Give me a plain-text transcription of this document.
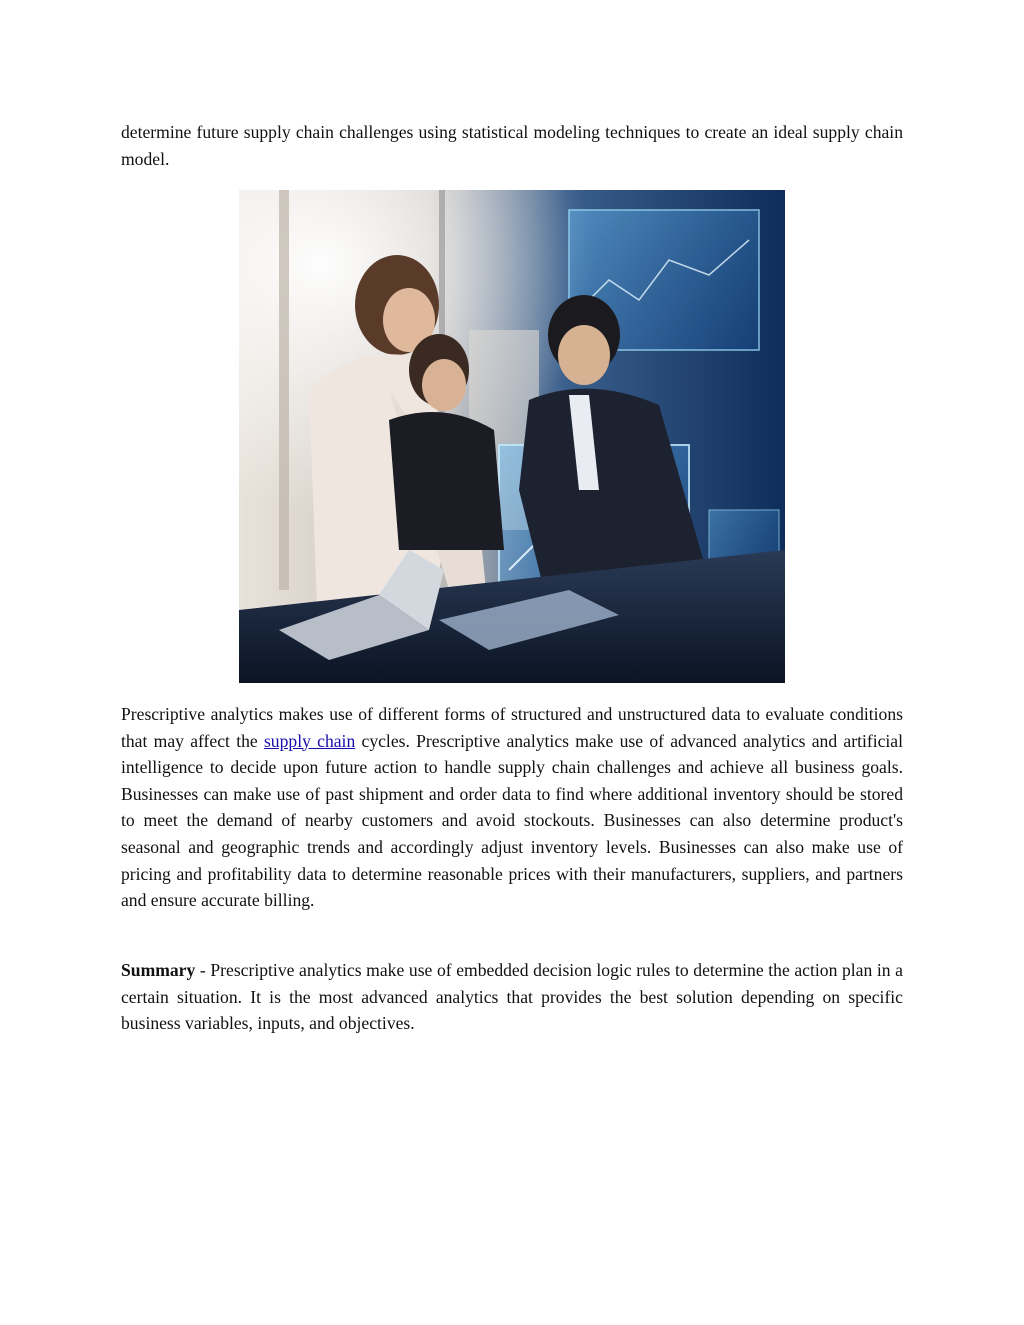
determine future supply chain challenges using statistical modeling techniques to create an ideal supply chain model.

Prescriptive analytics makes use of different forms of structured and unstructured data to evaluate conditions that may affect the supply chain cycles. Prescriptive analytics make use of advanced analytics and artificial intelligence to decide upon future action to handle supply chain challenges and achieve all business goals. Businesses can make use of past shipment and order data to find where additional inventory should be stored to meet the demand of nearby customers and avoid stockouts. Businesses can also determine product's seasonal and geographic trends and accordingly adjust inventory levels. Businesses can also make use of pricing and profitability data to determine reasonable prices with their manufacturers, suppliers, and partners and ensure accurate billing.

Summary - Prescriptive analytics make use of embedded decision logic rules to determine the action plan in a certain situation. It is the most advanced analytics that provides the best solution depending on specific business variables, inputs, and objectives.
